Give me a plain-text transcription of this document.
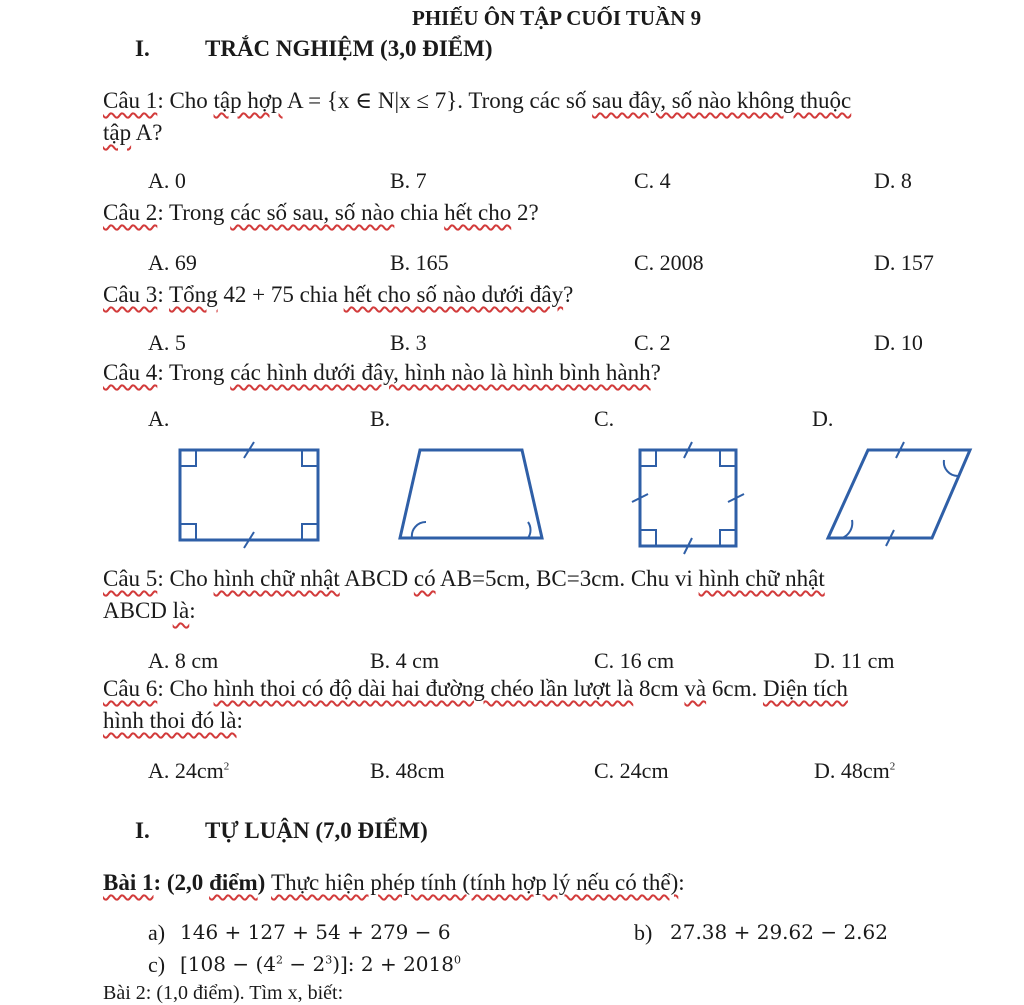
PHIẾU ÔN TẬP CUỐI TUẦN 9
I. TRẮC NGHIỆM (3,0 ĐIỂM)
Câu 1: Cho tập hợp A = {x ∈ N|x ≤ 7}. Trong các số sau đây, số nào không thuộc
tập A?
A. 0	B. 7	C. 4	D. 8
Câu 2: Trong các số sau, số nào chia hết cho 2?
A. 69	B. 165	C. 2008	D. 157
Câu 3: Tổng 42 + 75 chia hết cho số nào dưới đây?
A. 5	B. 3	C. 2	D. 10
Câu 4: Trong các hình dưới đây, hình nào là hình bình hành?
A.	B.	C.	D.
Câu 5: Cho hình chữ nhật ABCD có AB=5cm, BC=3cm. Chu vi hình chữ nhật
ABCD là:
A. 8 cm	B. 4 cm	C. 16 cm	D. 11 cm
Câu 6: Cho hình thoi có độ dài hai đường chéo lần lượt là 8cm và 6cm. Diện tích
hình thoi đó là:
A. $24cm^2$	B. 48cm	C. 24cm	D. $48cm^2$
I. TỰ LUẬN (7,0 ĐIỂM)
Bài 1: (2,0 điểm) Thực hiện phép tính (tính hợp lý nếu có thể):
a) 146 + 127 + 54 + 279 − 6	b) 27.38 + 29.62 − 2.62
c) $[108 - (4^2 - 2^3)]$: $2 + 2018^0$
Bài 2: (1,0 điểm). Tìm x, biết:
